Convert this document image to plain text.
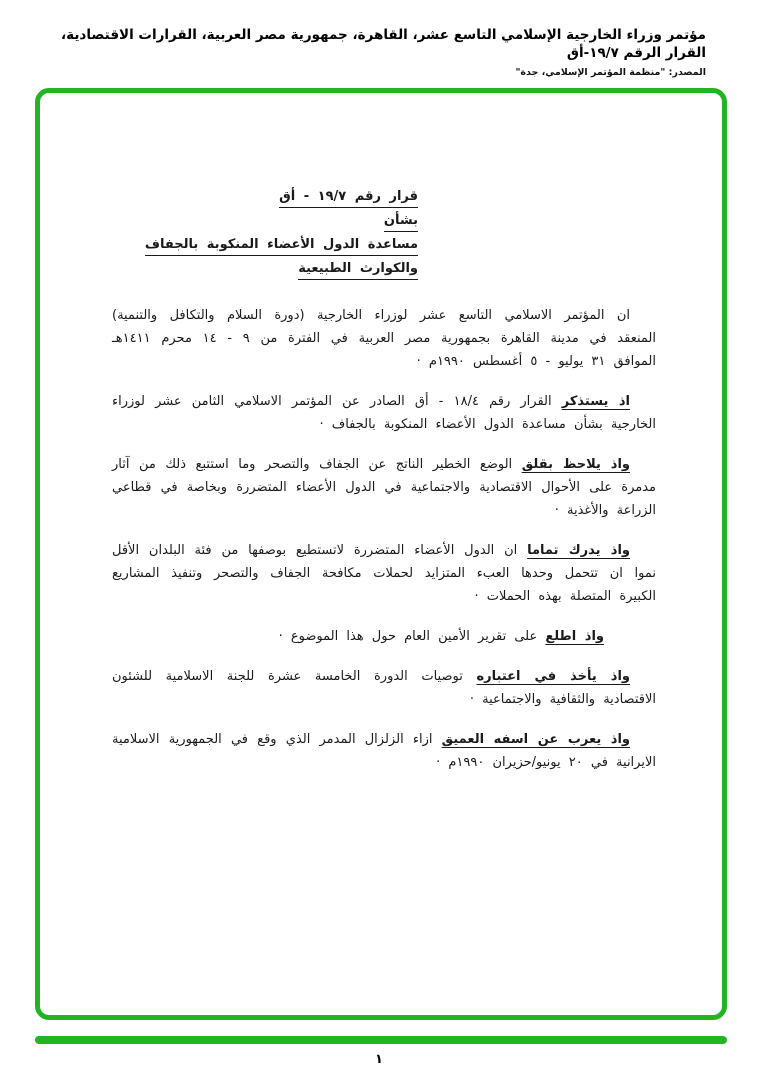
مؤتمر وزراء الخارجية الإسلامي التاسع عشر، القاهرة، جمهورية مصر العربية، القرارات الاقتصادية، القرار الرقم ١٩/٧-أق
المصدر: "منظمة المؤتمر الإسلامي، جدة"
قرار رقم ١٩/٧ - أق
بشأن
مساعدة الدول الأعضاء المنكوبة بالجفاف
والكوارث الطبيعية

ان المؤتمر الاسلامي التاسع عشر لوزراء الخارجية (دورة السلام والتكافل والتنمية) المنعقد في مدينة القاهرة بجمهورية مصر العربية في الفترة من ٩ - ١٤ محرم ١٤١١هـ الموافق ٣١ يوليو - ٥ أغسطس ١٩٩٠م ·

اذ يستذكر القرار رقم ١٨/٤ - أق الصادر عن المؤتمر الاسلامي الثامن عشر لوزراء الخارجية بشأن مساعدة الدول الأعضاء المنكوبة بالجفاف ·

واذ يلاحظ بقلق الوضع الخطير الناتج عن الجفاف والتصحر وما استتبع ذلك من آثار مدمرة على الأحوال الاقتصادية والاجتماعية في الدول الأعضاء المتضررة وبخاصة في قطاعي الزراعة والأغذية ·

واذ يدرك تماما ان الدول الأعضاء المتضررة لاتستطيع بوصفها من فئة البلدان الأقل نموا ان تتحمل وحدها العبء المتزايد لحملات مكافحة الجفاف والتصحر وتنفيذ المشاريع الكبيرة المتصلة بهذه الحملات ·

واذ اطلع على تقرير الأمين العام حول هذا الموضوع ·

واذ يأخذ في اعتباره توصيات الدورة الخامسة عشرة للجنة الاسلامية للشئون الاقتصادية والثقافية والاجتماعية ·

واذ يعرب عن اسفه العميق ازاء الزلزال المدمر الذي وقع في الجمهورية الاسلامية الايرانية في ٢٠ يونيو/حزيران ١٩٩٠م ·

١
